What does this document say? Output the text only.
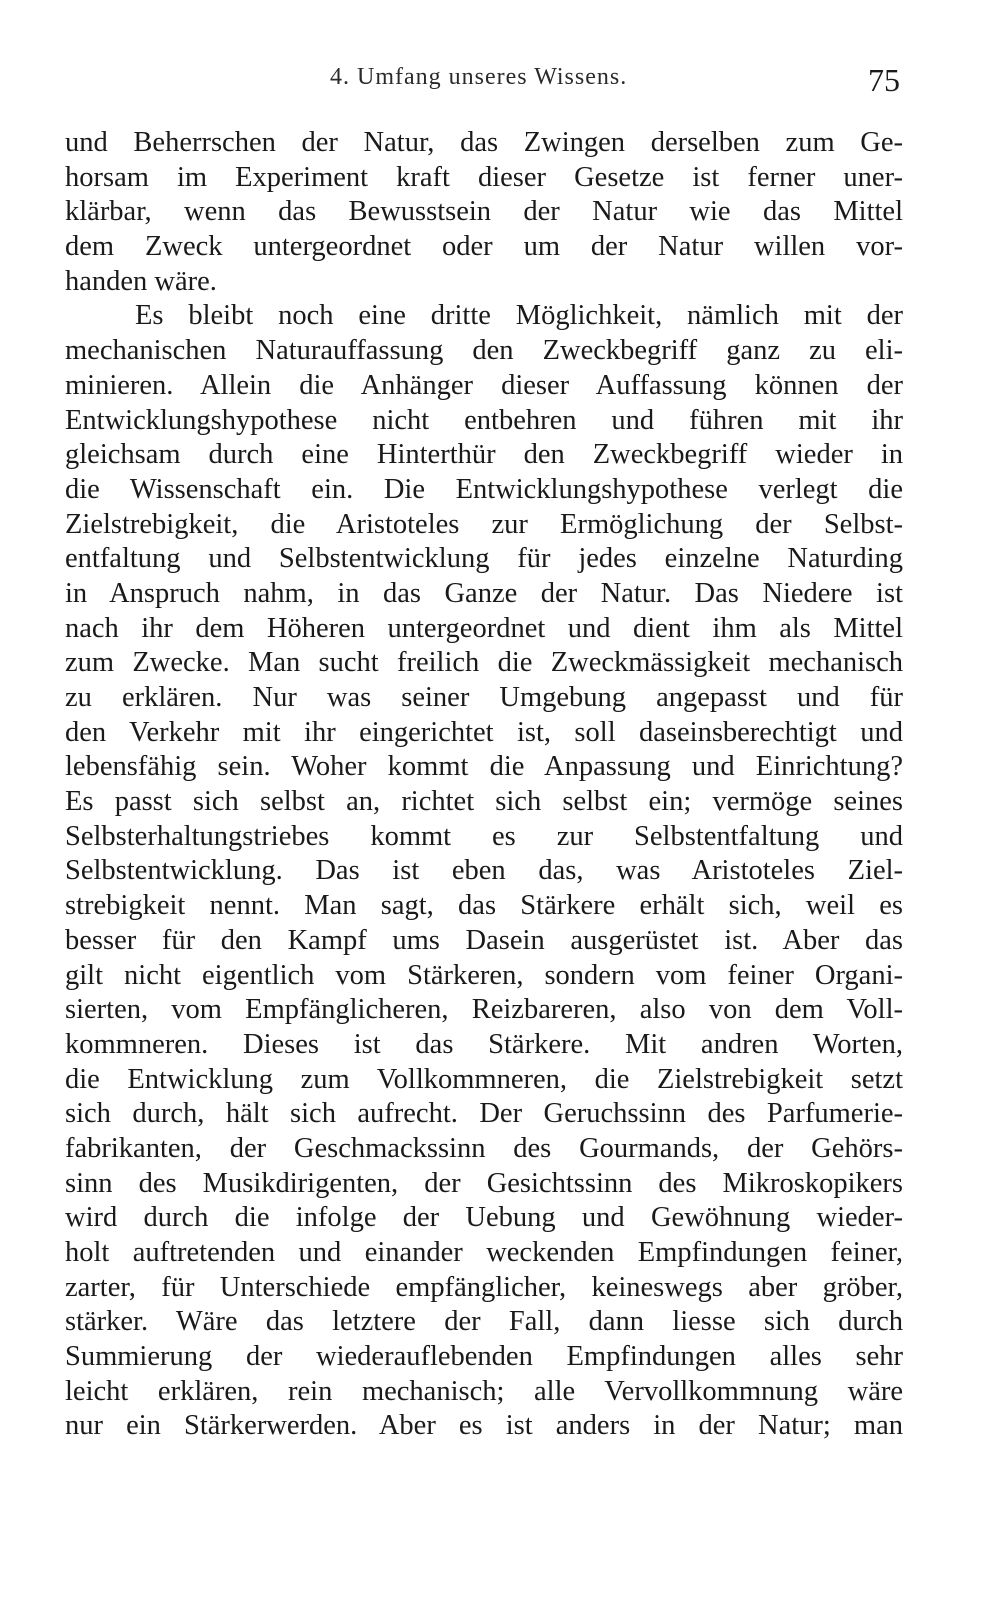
4. Umfang unseres Wissens.	75
und Beherrschen der Natur, das Zwingen derselben zum Ge-
horsam im Experiment kraft dieser Gesetze ist ferner uner-
klärbar, wenn das Bewusstsein der Natur wie das Mittel
dem Zweck untergeordnet oder um der Natur willen vor-
handen wäre.
Es bleibt noch eine dritte Möglichkeit, nämlich mit der
mechanischen Naturauffassung den Zweckbegriff ganz zu eli-
minieren. Allein die Anhänger dieser Auffassung können der
Entwicklungshypothese nicht entbehren und führen mit ihr
gleichsam durch eine Hinterthür den Zweckbegriff wieder in
die Wissenschaft ein. Die Entwicklungshypothese verlegt die
Zielstrebigkeit, die Aristoteles zur Ermöglichung der Selbst-
entfaltung und Selbstentwicklung für jedes einzelne Naturding
in Anspruch nahm, in das Ganze der Natur. Das Niedere ist
nach ihr dem Höheren untergeordnet und dient ihm als Mittel
zum Zwecke. Man sucht freilich die Zweckmässigkeit mechanisch
zu erklären. Nur was seiner Umgebung angepasst und für
den Verkehr mit ihr eingerichtet ist, soll daseinsberechtigt und
lebensfähig sein. Woher kommt die Anpassung und Einrichtung?
Es passt sich selbst an, richtet sich selbst ein; vermöge seines
Selbsterhaltungstriebes kommt es zur Selbstentfaltung und
Selbstentwicklung. Das ist eben das, was Aristoteles Ziel-
strebigkeit nennt. Man sagt, das Stärkere erhält sich, weil es
besser für den Kampf ums Dasein ausgerüstet ist. Aber das
gilt nicht eigentlich vom Stärkeren, sondern vom feiner Organi-
sierten, vom Empfänglicheren, Reizbareren, also von dem Voll-
kommneren. Dieses ist das Stärkere. Mit andren Worten,
die Entwicklung zum Vollkommneren, die Zielstrebigkeit setzt
sich durch, hält sich aufrecht. Der Geruchssinn des Parfumerie-
fabrikanten, der Geschmackssinn des Gourmands, der Gehörs-
sinn des Musikdirigenten, der Gesichtssinn des Mikroskopikers
wird durch die infolge der Uebung und Gewöhnung wieder-
holt auftretenden und einander weckenden Empfindungen feiner,
zarter, für Unterschiede empfänglicher, keineswegs aber gröber,
stärker. Wäre das letztere der Fall, dann liesse sich durch
Summierung der wiederauflebenden Empfindungen alles sehr
leicht erklären, rein mechanisch; alle Vervollkommnung wäre
nur ein Stärkerwerden. Aber es ist anders in der Natur; man
